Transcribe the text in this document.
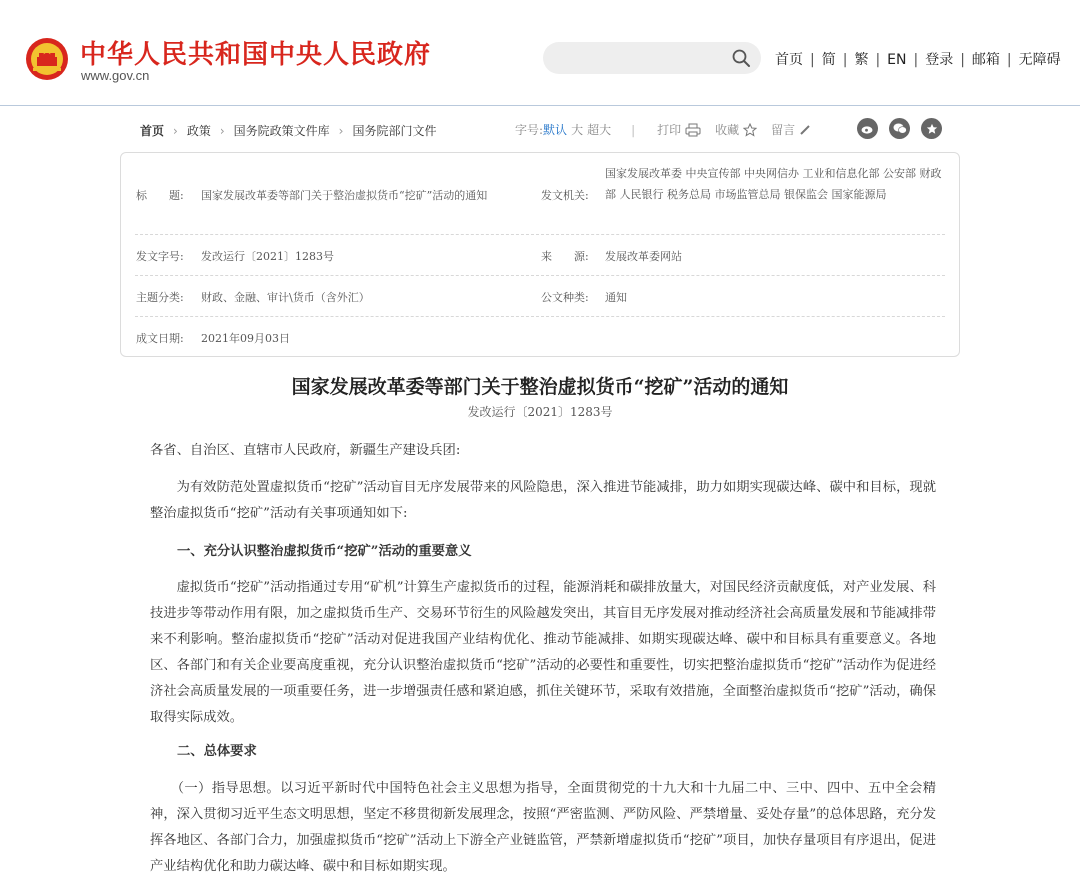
中华人民共和国中央人民政府
www.gov.cn
首页 | 简 | 繁 | EN | 登录 | 邮箱 | 无障碍
首页 › 政策 › 国务院政策文件库 › 国务院部门文件	字号: 默认 大 超大 | 打印	收藏	留言
标　　题: 国家发展改革委等部门关于整治虚拟货币“挖矿”活动的通知	发文机关:
国家发展改革委 中央宣传部 中央网信办 工业和信息化部 公安部 财政部 人民银行 税务总局 市场监管总局 银保监会 国家能源局
发文字号: 发改运行〔2021〕1283号	来　　源: 发展改革委网站
主题分类: 财政、金融、审计\货币（含外汇）	公文种类: 通知
成文日期: 2021年09月03日
国家发展改革委等部门关于整治虚拟货币“挖矿”活动的通知
发改运行〔2021〕1283号
各省、自治区、直辖市人民政府，新疆生产建设兵团:
　　为有效防范处置虚拟货币“挖矿”活动盲目无序发展带来的风险隐患，深入推进节能减排，助力如期实现碳达峰、碳中和目标，现就整治虚拟货币“挖矿”活动有关事项通知如下:
一、充分认识整治虚拟货币“挖矿”活动的重要意义
　　虚拟货币“挖矿”活动指通过专用“矿机”计算生产虚拟货币的过程，能源消耗和碳排放量大，对国民经济贡献度低，对产业发展、科技进步等带动作用有限，加之虚拟货币生产、交易环节衍生的风险越发突出，其盲目无序发展对推动经济社会高质量发展和节能减排带来不利影响。整治虚拟货币“挖矿”活动对促进我国产业结构优化、推动节能减排、如期实现碳达峰、碳中和目标具有重要意义。各地区、各部门和有关企业要高度重视，充分认识整治虚拟货币“挖矿”活动的必要性和重要性，切实把整治虚拟货币“挖矿”活动作为促进经济社会高质量发展的一项重要任务，进一步增强责任感和紧迫感，抓住关键环节，采取有效措施，全面整治虚拟货币“挖矿”活动，确保取得实际成效。
二、总体要求
　　（一）指导思想。以习近平新时代中国特色社会主义思想为指导，全面贯彻党的十九大和十九届二中、三中、四中、五中全会精神，深入贯彻习近平生态文明思想，坚定不移贯彻新发展理念，按照“严密监测、严防风险、严禁增量、妥处存量”的总体思路，充分发挥各地区、各部门合力，加强虚拟货币“挖矿”活动上下游全产业链监管，严禁新增虚拟货币“挖矿”项目，加快存量项目有序退出，促进产业结构优化和助力碳达峰、碳中和目标如期实现。
